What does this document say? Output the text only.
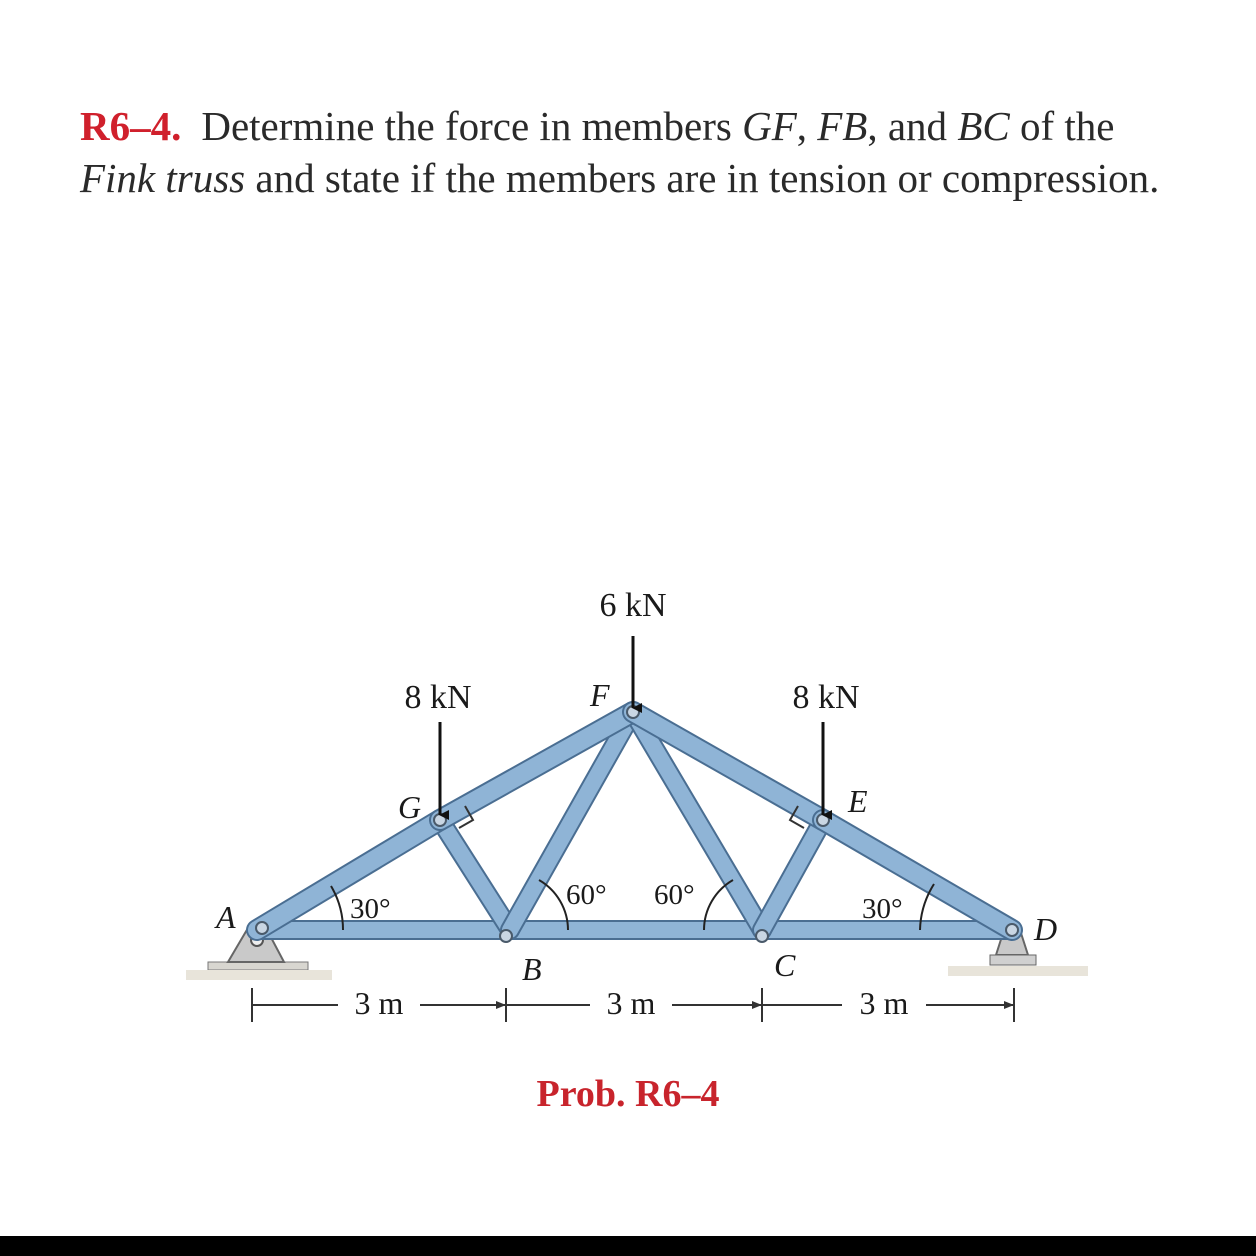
R6–4. Determine the force in members GF, FB, and BC of the Fink truss and state if the members are in tension or compression.
6 kN
8 kN	8 kN
A
G
F
E
B	C
D
30°	60° 60°	30°
3 m	3 m	3 m
Prob. R6–4
